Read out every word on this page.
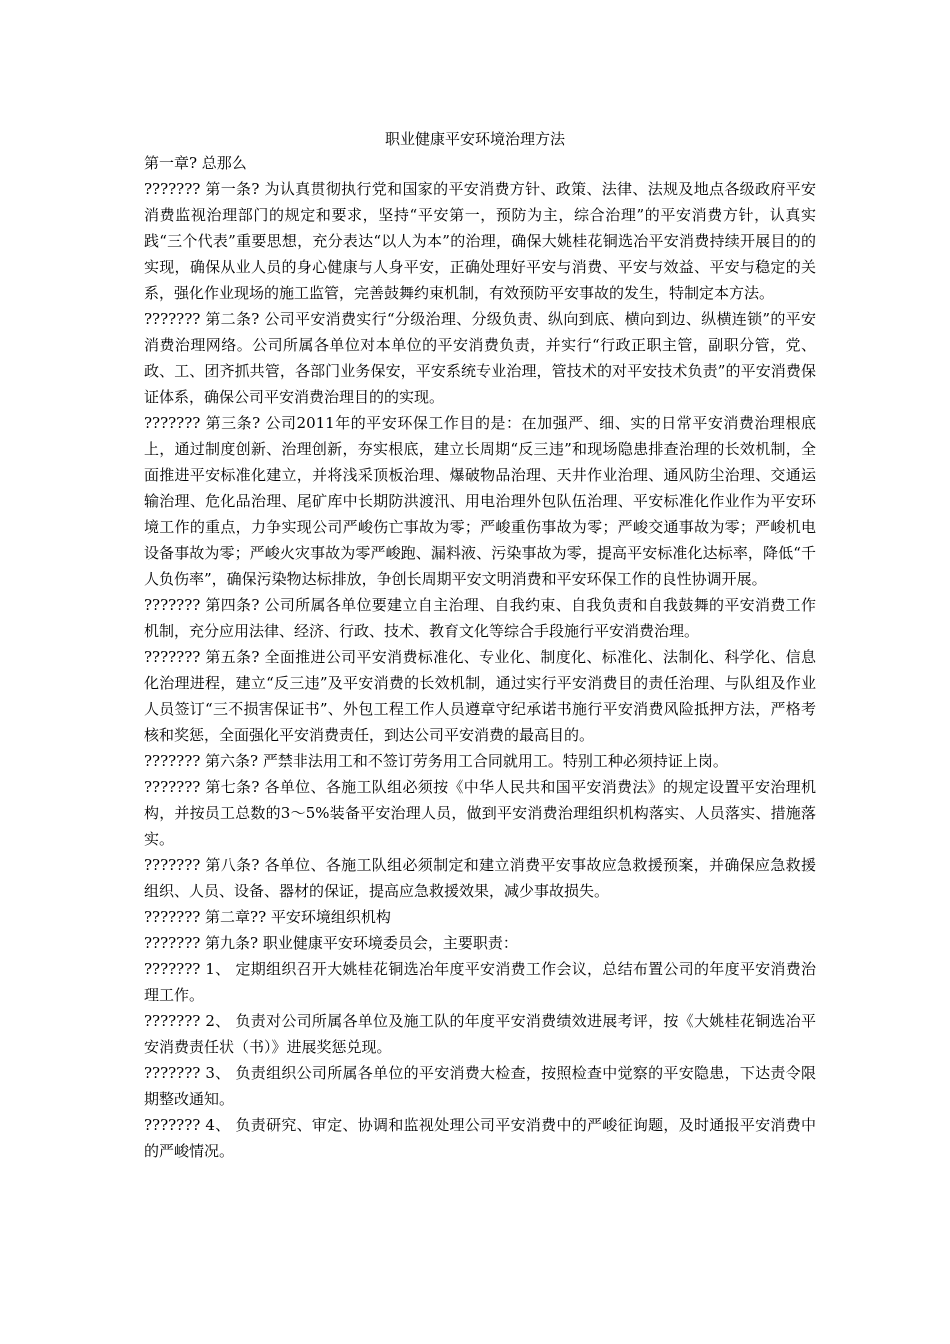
职业健康平安环境治理方法

第一章? 总那么

??????? 第一条? 为认真贯彻执行党和国家的平安消费方针、政策、法律、法规及地点各级政府平安消费监视治理部门的规定和要求，坚持“平安第一，预防为主，综合治理”的平安消费方针，认真实践“三个代表”重要思想，充分表达“以人为本”的治理，确保大姚桂花铜选冶平安消费持续开展目的的实现，确保从业人员的身心健康与人身平安，正确处理好平安与消费、平安与效益、平安与稳定的关系，强化作业现场的施工监管，完善鼓舞约束机制，有效预防平安事故的发生，特制定本方法。

??????? 第二条? 公司平安消费实行“分级治理、分级负责、纵向到底、横向到边、纵横连锁”的平安消费治理网络。公司所属各单位对本单位的平安消费负责，并实行“行政正职主管，副职分管，党、政、工、团齐抓共管，各部门业务保安，平安系统专业治理，管技术的对平安技术负责”的平安消费保证体系，确保公司平安消费治理目的的实现。

??????? 第三条? 公司2011年的平安环保工作目的是：在加强严、细、实的日常平安消费治理根底上，通过制度创新、治理创新，夯实根底，建立长周期“反三违”和现场隐患排查治理的长效机制，全面推进平安标准化建立，并将浅采顶板治理、爆破物品治理、天井作业治理、通风防尘治理、交通运输治理、危化品治理、尾矿库中长期防洪渡汛、用电治理外包队伍治理、平安标准化作业作为平安环境工作的重点，力争实现公司严峻伤亡事故为零；严峻重伤事故为零；严峻交通事故为零；严峻机电设备事故为零；严峻火灾事故为零严峻跑、漏料液、污染事故为零，提高平安标准化达标率，降低“千人负伤率”，确保污染物达标排放，争创长周期平安文明消费和平安环保工作的良性协调开展。

??????? 第四条? 公司所属各单位要建立自主治理、自我约束、自我负责和自我鼓舞的平安消费工作机制，充分应用法律、经济、行政、技术、教育文化等综合手段施行平安消费治理。

??????? 第五条? 全面推进公司平安消费标准化、专业化、制度化、标准化、法制化、科学化、信息化治理进程，建立“反三违”及平安消费的长效机制，通过实行平安消费目的责任治理、与队组及作业人员签订“三不损害保证书”、外包工程工作人员遵章守纪承诺书施行平安消费风险抵押方法，严格考核和奖惩，全面强化平安消费责任，到达公司平安消费的最高目的。

??????? 第六条? 严禁非法用工和不签订劳务用工合同就用工。特别工种必须持证上岗。

??????? 第七条? 各单位、各施工队组必须按《中华人民共和国平安消费法》的规定设置平安治理机构，并按员工总数的3～5%装备平安治理人员，做到平安消费治理组织机构落实、人员落实、措施落实。

??????? 第八条? 各单位、各施工队组必须制定和建立消费平安事故应急救援预案，并确保应急救援组织、人员、设备、器材的保证，提高应急救援效果，减少事故损失。

??????? 第二章?? 平安环境组织机构

??????? 第九条? 职业健康平安环境委员会，主要职责：

??????? 1、 定期组织召开大姚桂花铜选冶年度平安消费工作会议，总结布置公司的年度平安消费治理工作。

??????? 2、 负责对公司所属各单位及施工队的年度平安消费绩效进展考评，按《大姚桂花铜选冶平安消费责任状（书）》进展奖惩兑现。

??????? 3、 负责组织公司所属各单位的平安消费大检查，按照检查中觉察的平安隐患，下达责令限期整改通知。

??????? 4、 负责研究、审定、协调和监视处理公司平安消费中的严峻征询题，及时通报平安消费中的严峻情况。
